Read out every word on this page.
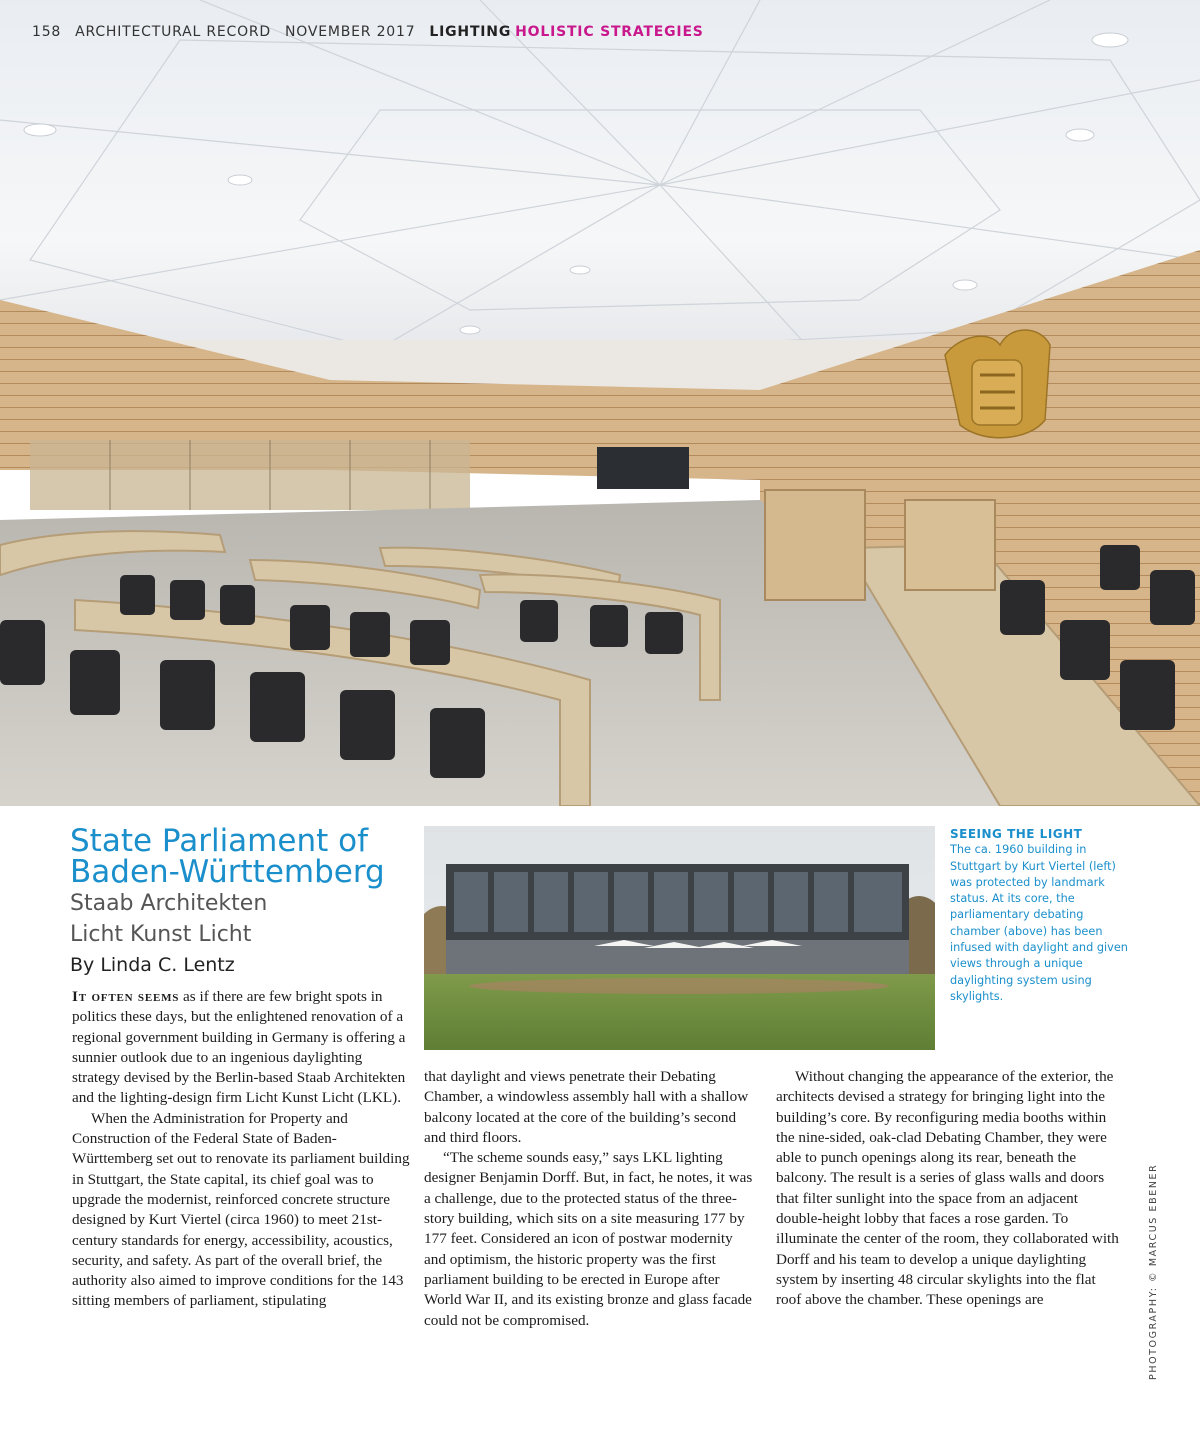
158 ARCHITECTURAL RECORD NOVEMBER 2017 LIGHTING HOLISTIC STRATEGIES
State Parliament of
Baden-Württemberg
Staab Architekten
Licht Kunst Licht
By Linda C. Lentz
SEEING THE LIGHT
The ca. 1960 building in Stuttgart by Kurt Viertel (left) was protected by landmark status. At its core, the parliamentary debating chamber (above) has been infused with daylight and given views through a unique daylighting system using skylights.

It often seems as if there are few bright spots in politics these days, but the enlightened renovation of a regional government building in Germany is offering a sunnier outlook due to an ingenious daylighting strategy devised by the Berlin-based Staab Architekten and the lighting-design firm Licht Kunst Licht (LKL).

When the Administration for Property and Construction of the Federal State of Baden-Württemberg set out to renovate its parliament building in Stuttgart, the State capital, its chief goal was to upgrade the modernist, reinforced concrete structure designed by Kurt Viertel (circa 1960) to meet 21st-century standards for energy, accessibility, acoustics, security, and safety. As part of the overall brief, the authority also aimed to improve conditions for the 143 sitting members of parliament, stipulating

that daylight and views penetrate their Debating Chamber, a windowless assembly hall with a shallow balcony located at the core of the building’s second and third floors.

“The scheme sounds easy,” says LKL lighting designer Benjamin Dorff. But, in fact, he notes, it was a challenge, due to the protected status of the three-story building, which sits on a site measuring 177 by 177 feet. Considered an icon of postwar modernity and optimism, the historic property was the first parliament building to be erected in Europe after World War II, and its existing bronze and glass facade could not be compromised.

Without changing the appearance of the exterior, the architects devised a strategy for bringing light into the building’s core. By reconfiguring media booths within the nine-sided, oak-clad Debating Chamber, they were able to punch openings along its rear, beneath the balcony. The result is a series of glass walls and doors that filter sunlight into the space from an adjacent double-height lobby that faces a rose garden. To illuminate the center of the room, they collaborated with Dorff and his team to develop a unique daylighting system by inserting 48 circular skylights into the flat roof above the chamber. These openings are	PHOTOGRAPHY: © MARCUS EBENER
